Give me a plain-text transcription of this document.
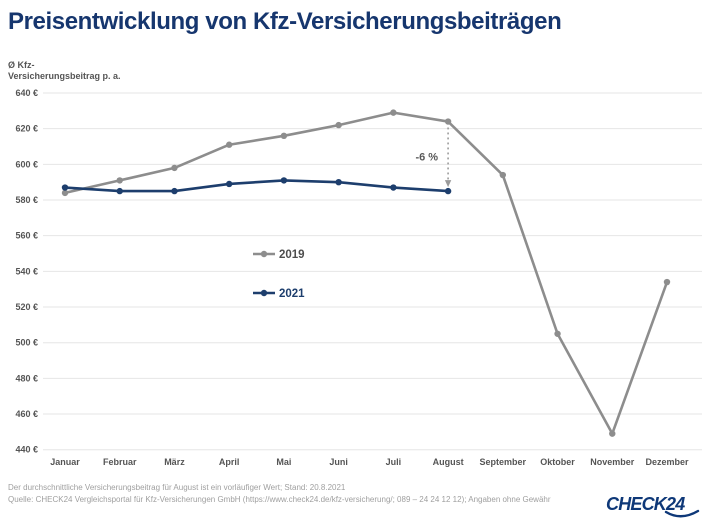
Preisentwicklung von Kfz-Versicherungsbeiträgen
Ø Kfz-
Versicherungsbeitrag p. a.
640 €
620 €
600 €
580 €
560 €
540 €
520 €
500 €
480 €
460 €
440 €
Januar	Februar	März	April	Mai	Juni	Juli	August September Oktober November Dezember
-6 %
2019
2021
Der durchschnittliche Versicherungsbeitrag für August ist ein vorläufiger Wert; Stand: 20.8.2021
Quelle: CHECK24 Vergleichsportal für Kfz-Versicherungen GmbH (https://www.check24.de/kfz-versicherung/; 089 – 24 24 12 12); Angaben ohne Gewähr	CHECK24
